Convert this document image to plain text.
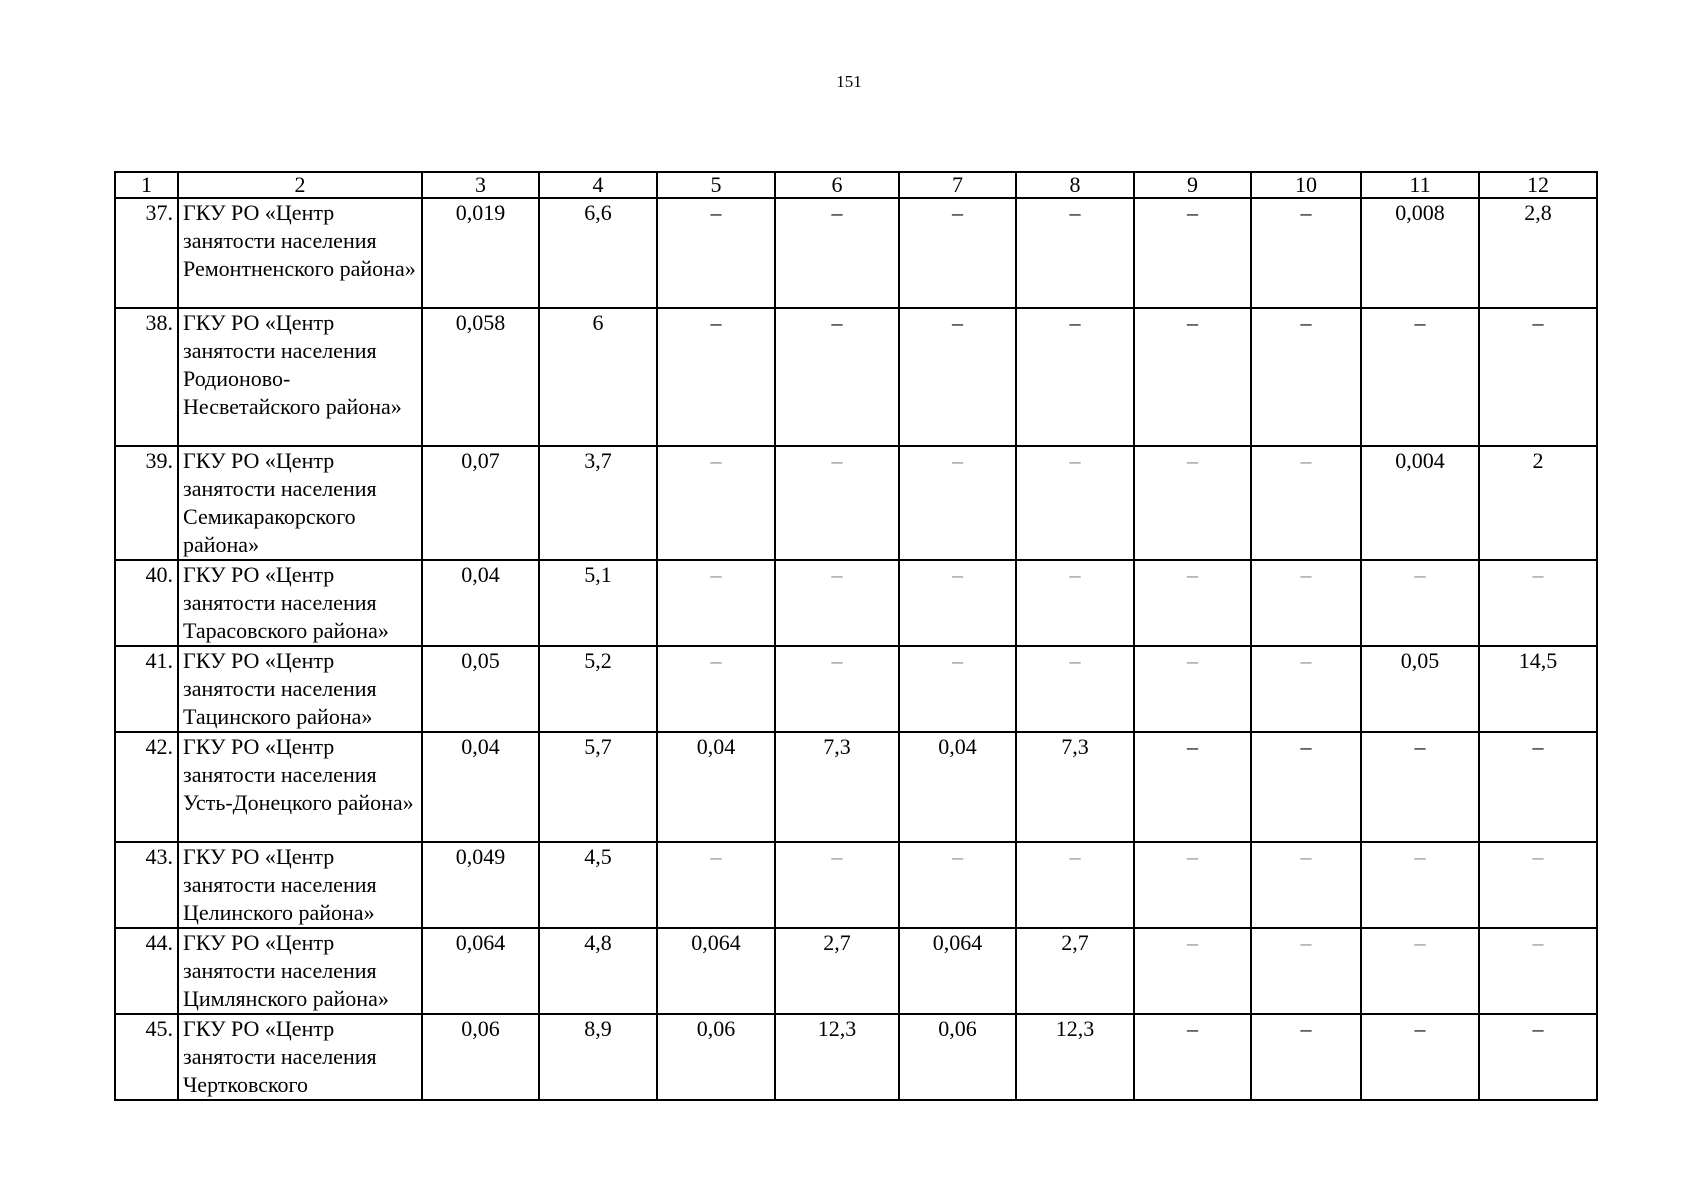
151
1	2	3	4	5	6	7	8	9	10	11	12
37.	ГКУ РО «Центр занятости населения Ремонтненского района»	0,019	6,6	–	–	–	–	–	–	0,008	2,8
38.	ГКУ РО «Центр занятости населения Родионово-Несветайского района»	0,058	6	–	–	–	–	–	–	–	–
39.	ГКУ РО «Центр занятости населения Семикаракорского района»	0,07	3,7	–	–	–	–	–	–	0,004	2
40.	ГКУ РО «Центр занятости населения Тарасовского района»	0,04	5,1	–	–	–	–	–	–	–	–
41.	ГКУ РО «Центр занятости населения Тацинского района»	0,05	5,2	–	–	–	–	–	–	0,05	14,5
42.	ГКУ РО «Центр занятости населения Усть-Донецкого района»	0,04	5,7	0,04	7,3	0,04	7,3	–	–	–	–
43.	ГКУ РО «Центр занятости населения Целинского района»	0,049	4,5	–	–	–	–	–	–	–	–
44.	ГКУ РО «Центр занятости населения Цимлянского района»	0,064	4,8	0,064	2,7	0,064	2,7	–	–	–	–
45.	ГКУ РО «Центр занятости населения Чертковского	0,06	8,9	0,06	12,3	0,06	12,3	–	–	–	–
